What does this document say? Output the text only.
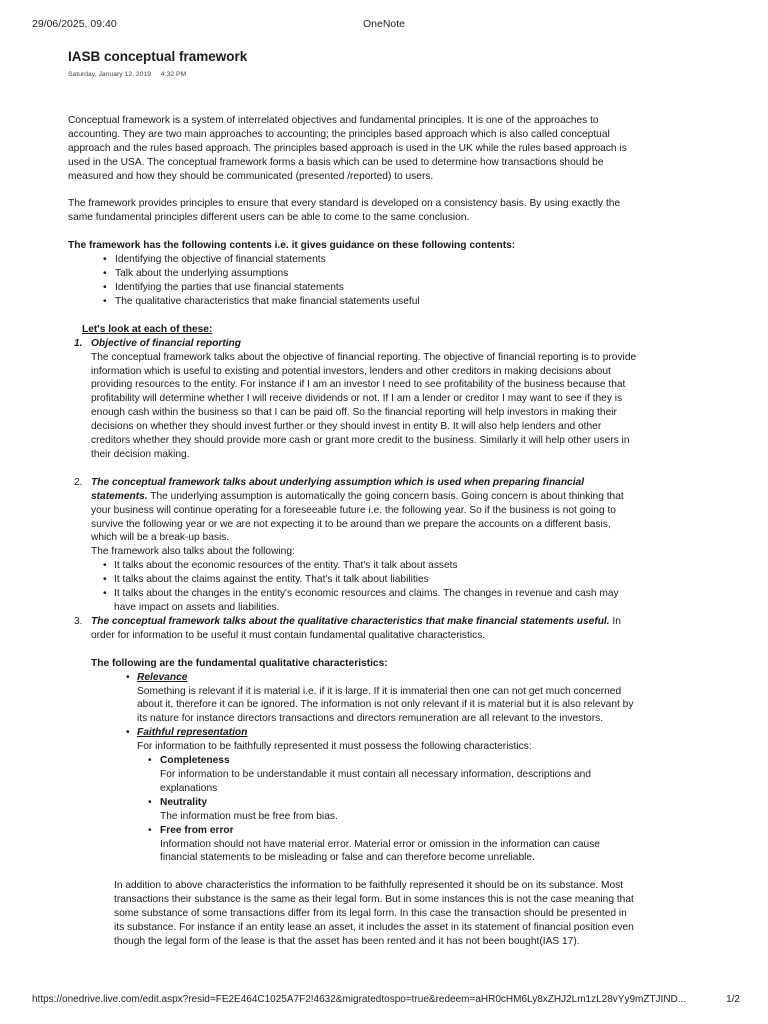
29/06/2025, 09:40	OneNote
IASB conceptual framework
Saturday, January 12, 2019 4:32 PM

Conceptual framework is a system of interrelated objectives and fundamental principles. It is one of the approaches to accounting. They are two main approaches to accounting; the principles based approach which is also called conceptual approach and the rules based approach. The principles based approach is used in the UK while the rules based approach is used in the USA. The conceptual framework forms a basis which can be used to determine how transactions should be measured and how they should be communicated (presented /reported) to users.

The framework provides principles to ensure that every standard is developed on a consistency basis. By using exactly the same fundamental principles different users can be able to come to the same conclusion.

The framework has the following contents i.e. it gives guidance on these following contents:

• Identifying the objective of financial statements
• Talk about the underlying assumptions
• Identifying the parties that use financial statements
• The qualitative characteristics that make financial statements useful

Let's look at each of these:

1. Objective of financial reporting
The conceptual framework talks about the objective of financial reporting. The objective of financial reporting is to provide information which is useful to existing and potential investors, lenders and other creditors in making decisions about providing resources to the entity. For instance if I am an investor I need to see profitability of the business because that profitability will determine whether I will receive dividends or not. If I am a lender or creditor I may want to see if they is enough cash within the business so that I can be paid off. So the financial reporting will help investors in making their decisions on whether they should invest further or they should invest in entity B. It will also help lenders and other creditors whether they should provide more cash or grant more credit to the business. Similarly it will help other users in their decision making.
2. The conceptual framework talks about underlying assumption which is used when preparing financial statements. The underlying assumption is automatically the going concern basis. Going concern is about thinking that your business will continue operating for a foreseeable future i.e. the following year. So if the business is not going to survive the following year or we are not expecting it to be around than we prepare the accounts on a different basis, which will be a break-up basis.
The framework also talks about the following:
• It talks about the economic resources of the entity. That's it talk about assets
• It talks about the claims against the entity. That's it talk about liabilities
• It talks about the changes in the entity's economic resources and claims. The changes in revenue and cash may have impact on assets and liabilities.
3. The conceptual framework talks about the qualitative characteristics that make financial statements useful. In order for information to be useful it must contain fundamental qualitative characteristics.

The following are the fundamental qualitative characteristics:

• Relevance
Something is relevant if it is material i.e. if it is large. If it is immaterial then one can not get much concerned about it, therefore it can be ignored. The information is not only relevant if it is material but it is also relevant by its nature for instance directors transactions and directors remuneration are all relevant to the investors.
• Faithful representation
For information to be faithfully represented it must possess the following characteristics:
• Completeness
For information to be understandable it must contain all necessary information, descriptions and explanations
• Neutrality
The information must be free from bias.
• Free from error
Information should not have material error. Material error or omission in the information can cause financial statements to be misleading or false and can therefore become unreliable.

In addition to above characteristics the information to be faithfully represented it should be on its substance. Most transactions their substance is the same as their legal form. But in some instances this is not the case meaning that some substance of some transactions differ from its legal form. In this case the transaction should be presented in its substance. For instance if an entity lease an asset, it includes the asset in its statement of financial position even though the legal form of the lease is that the asset has been rented and it has not been bought(IAS 17).

https://onedrive.live.com/edit.aspx?resid=FE2E464C1025A7F2!4632&migratedtospo=true&redeem=aHR0cHM6Ly8xZHJ2Lm1zL28vYy9mZTJIND...	1/2
